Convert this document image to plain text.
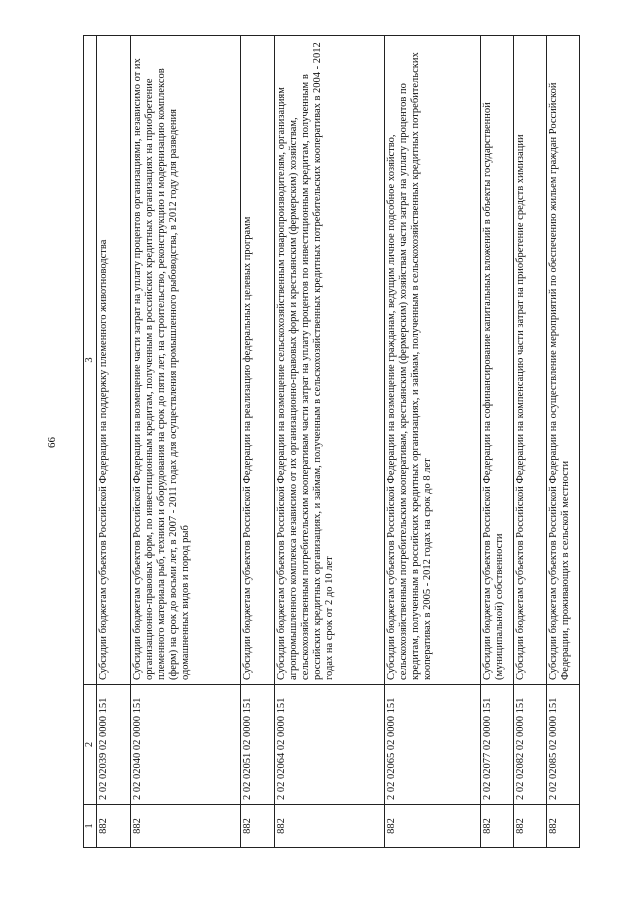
66
1	2	3
882	2 02 02039 02 0000 151	Субсидии бюджетам субъектов Российской Федерации на поддержку племенного животноводства
882	2 02 02040 02 0000 151	Субсидии бюджетам субъектов Российской Федерации на возмещение части затрат на уплату процентов организациями, независимо от их организационно-правовых форм, по инвестиционным кредитам, полученным в российских кредитных организациях на приобретение племенного материала рыб, техники и оборудования на срок до пяти лет, на строительство, реконструкцию и модернизацию комплексов (ферм) на срок до восьми лет, в 2007 - 2011 годах для осуществления промышленного рыбоводства, в 2012 году для разведения одомашненных видов и пород рыб
882	2 02 02051 02 0000 151	Субсидии бюджетам субъектов Российской Федерации на реализацию федеральных целевых программ
882	2 02 02064 02 0000 151	Субсидии бюджетам субъектов Российской Федерации на возмещение сельскохозяйственным товаропроизводителям, организациям агропромышленного комплекса независимо от их организационно-правовых форм и крестьянским (фермерским) хозяйствам, сельскохозяйственным потребительским кооперативам части затрат на уплату процентов по инвестиционным кредитам, полученным в российских кредитных организациях, и займам, полученным в сельскохозяйственных кредитных потребительских кооперативах в 2004 - 2012 годах на срок от 2 до 10 лет
882	2 02 02065 02 0000 151	Субсидии бюджетам субъектов Российской Федерации на возмещение гражданам, ведущим личное подсобное хозяйство, сельскохозяйственным потребительским кооперативам, крестьянским (фермерским) хозяйствам части затрат на уплату процентов по кредитам, полученным в российских кредитных организациях, и займам, полученным в сельскохозяйственных кредитных потребительских кооперативах в 2005 - 2012 годах на срок до 8 лет
882	2 02 02077 02 0000 151	Субсидии бюджетам субъектов Российской Федерации на софинансирование капитальных вложений в объекты государственной (муниципальной) собственности
882	2 02 02082 02 0000 151	Субсидии бюджетам субъектов Российской Федерации на компенсацию части затрат на приобретение средств химизации
882	2 02 02085 02 0000 151	Субсидии бюджетам субъектов Российской Федерации на осуществление мероприятий по обеспечению жильем граждан Российской Федерации, проживающих в сельской местности
